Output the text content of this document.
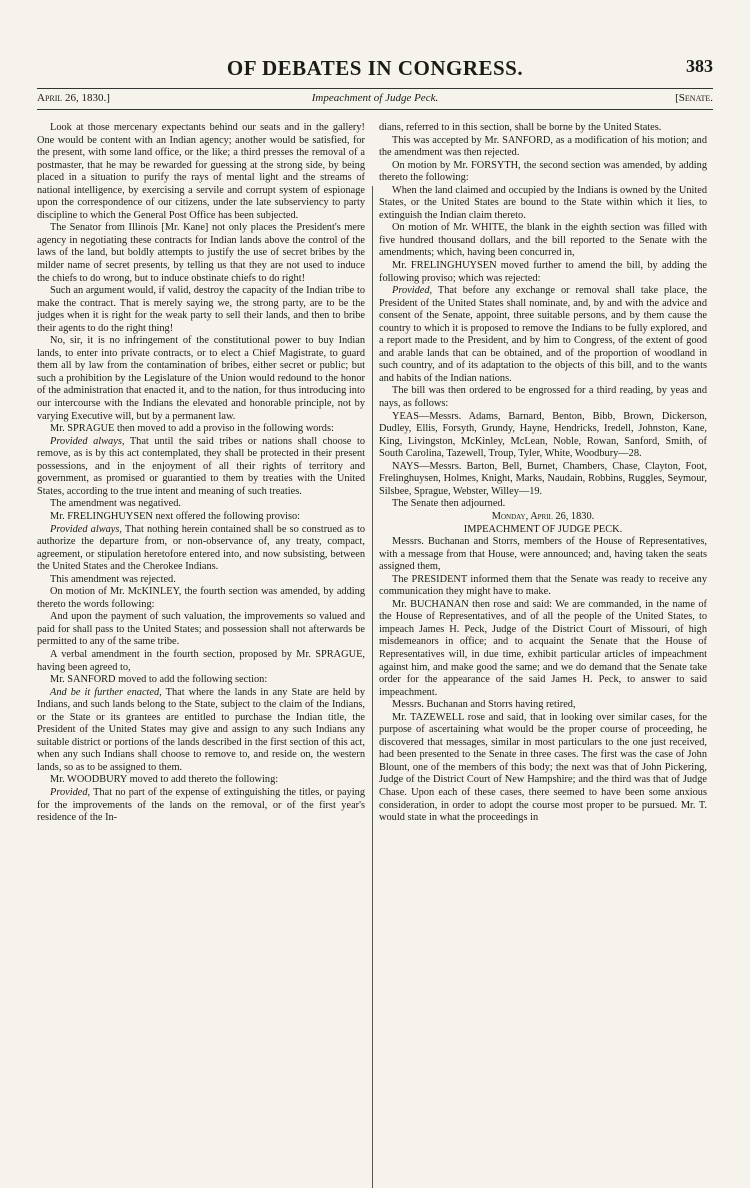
OF DEBATES IN CONGRESS.	383
April 26, 1830.]	Impeachment of Judge Peck.	[Senate.

Look at those mercenary expectants behind our seats and in the gallery! One would be content with an Indian agency; another would be satisfied, for the present, with some land office, or the like; a third presses the removal of a postmaster, that he may be rewarded for guessing at the strong side, by being placed in a situation to purify the rays of mental light and the streams of national intelligence, by exercising a servile and corrupt system of espionage upon the correspondence of our citizens, under the late subserviency to party discipline to which the General Post Office has been subjected.

The Senator from Illinois [Mr. Kane] not only places the President's mere agency in negotiating these contracts for Indian lands above the control of the laws of the land, but boldly attempts to justify the use of secret bribes by the milder name of secret presents, by telling us that they are not used to induce the chiefs to do wrong, but to induce obstinate chiefs to do right!

Such an argument would, if valid, destroy the capacity of the Indian tribe to make the contract. That is merely saying we, the strong party, are to be the judges when it is right for the weak party to sell their lands, and then to bribe their agents to do the right thing!

No, sir, it is no infringement of the constitutional power to buy Indian lands, to enter into private contracts, or to elect a Chief Magistrate, to guard them all by law from the contamination of bribes, either secret or public; but such a prohibition by the Legislature of the Union would redound to the honor of the administration that enacted it, and to the nation, for thus introducing into our intercourse with the Indians the elevated and honorable principle, not by varying Executive will, but by a permanent law.

Mr. SPRAGUE then moved to add a proviso in the following words:

Provided always, That until the said tribes or nations shall choose to remove, as is by this act contemplated, they shall be protected in their present possessions, and in the enjoyment of all their rights of territory and government, as promised or guarantied to them by treaties with the United States, according to the true intent and meaning of such treaties.

The amendment was negatived.

Mr. FRELINGHUYSEN next offered the following proviso:

Provided always, That nothing herein contained shall be so construed as to authorize the departure from, or non-observance of, any treaty, compact, agreement, or stipulation heretofore entered into, and now subsisting, between the United States and the Cherokee Indians.

This amendment was rejected.

On motion of Mr. McKINLEY, the fourth section was amended, by adding thereto the words following:

And upon the payment of such valuation, the improvements so valued and paid for shall pass to the United States; and possession shall not afterwards be permitted to any of the same tribe.

A verbal amendment in the fourth section, proposed by Mr. SPRAGUE, having been agreed to,

Mr. SANFORD moved to add the following section:

And be it further enacted, That where the lands in any State are held by Indians, and such lands belong to the State, subject to the claim of the Indians, or the State or its grantees are entitled to purchase the Indian title, the President of the United States may give and assign to any such Indians any suitable district or portions of the lands described in the first section of this act, when any such Indians shall choose to remove to, and reside on, the western lands, so as to be assigned to them.

Mr. WOODBURY moved to add thereto the following:

Provided, That no part of the expense of extinguishing the titles, or paying for the improvements of the lands on the removal, or of the first year's residence of the In-

dians, referred to in this section, shall be borne by the United States.

This was accepted by Mr. SANFORD, as a modification of his motion; and the amendment was then rejected.

On motion by Mr. FORSYTH, the second section was amended, by adding thereto the following:

When the land claimed and occupied by the Indians is owned by the United States, or the United States are bound to the State within which it lies, to extinguish the Indian claim thereto.

On motion of Mr. WHITE, the blank in the eighth section was filled with five hundred thousand dollars, and the bill reported to the Senate with the amendments; which, having been concurred in,

Mr. FRELINGHUYSEN moved further to amend the bill, by adding the following proviso; which was rejected:

Provided, That before any exchange or removal shall take place, the President of the United States shall nominate, and, by and with the advice and consent of the Senate, appoint, three suitable persons, and by them cause the country to which it is proposed to remove the Indians to be fully explored, and a report made to the President, and by him to Congress, of the extent of good and arable lands that can be obtained, and of the proportion of woodland in such country, and of its adaptation to the objects of this bill, and to the wants and habits of the Indian nations.

The bill was then ordered to be engrossed for a third reading, by yeas and nays, as follows:

YEAS—Messrs. Adams, Barnard, Benton, Bibb, Brown, Dickerson, Dudley, Ellis, Forsyth, Grundy, Hayne, Hendricks, Iredell, Johnston, Kane, King, Livingston, McKinley, McLean, Noble, Rowan, Sanford, Smith, of South Carolina, Tazewell, Troup, Tyler, White, Woodbury—28.

NAYS—Messrs. Barton, Bell, Burnet, Chambers, Chase, Clayton, Foot, Frelinghuysen, Holmes, Knight, Marks, Naudain, Robbins, Ruggles, Seymour, Silsbee, Sprague, Webster, Willey—19.

The Senate then adjourned.

Monday, April 26, 1830.

IMPEACHMENT OF JUDGE PECK.

Messrs. Buchanan and Storrs, members of the House of Representatives, with a message from that House, were announced; and, having taken the seats assigned them,

The PRESIDENT informed them that the Senate was ready to receive any communication they might have to make.

Mr. BUCHANAN then rose and said: We are commanded, in the name of the House of Representatives, and of all the people of the United States, to impeach James H. Peck, Judge of the District Court of Missouri, of high misdemeanors in office; and to acquaint the Senate that the House of Representatives will, in due time, exhibit particular articles of impeachment against him, and make good the same; and we do demand that the Senate take order for the appearance of the said James H. Peck, to answer to said impeachment.

Messrs. Buchanan and Storrs having retired,

Mr. TAZEWELL rose and said, that in looking over similar cases, for the purpose of ascertaining what would be the proper course of proceeding, he discovered that messages, similar in most particulars to the one just received, had been presented to the Senate in three cases. The first was the case of John Blount, one of the members of this body; the next was that of John Pickering, Judge of the District Court of New Hampshire; and the third was that of Judge Chase. Upon each of these cases, there seemed to have been some anxious consideration, in order to adopt the course most proper to be pursued. Mr. T. would state in what the proceedings in
